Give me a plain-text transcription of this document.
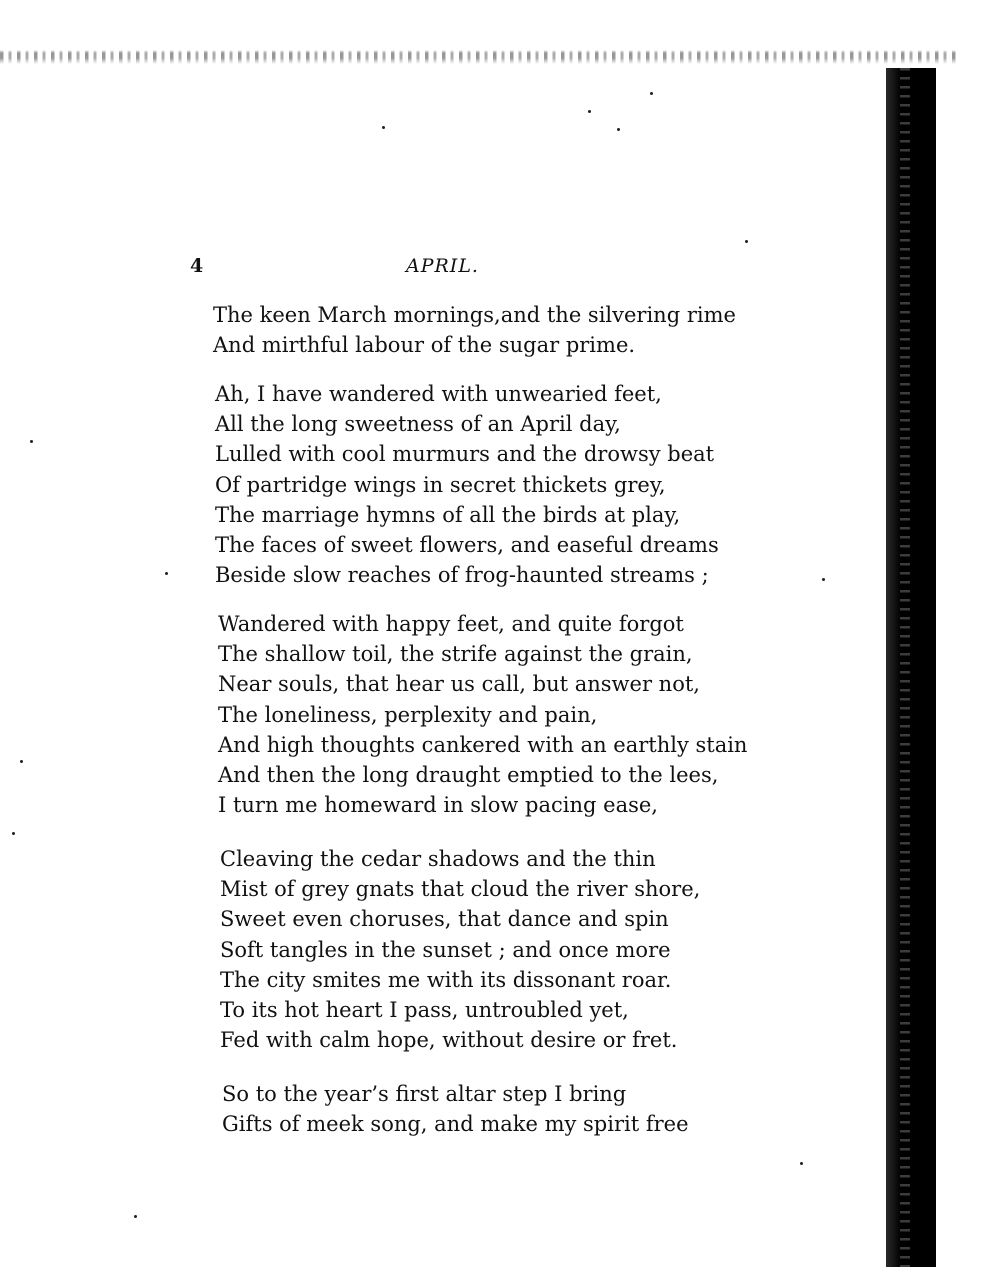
4	APRIL.
The keen March mornings,and the silvering rime
And mirthful labour of the sugar prime.
Ah, I have wandered with unwearied feet,
All the long sweetness of an April day,
Lulled with cool murmurs and the drowsy beat
Of partridge wings in secret thickets grey,
The marriage hymns of all the birds at play,
The faces of sweet flowers, and easeful dreams
Beside slow reaches of frog-haunted streams ;
Wandered with happy feet, and quite forgot
The shallow toil, the strife against the grain,
Near souls, that hear us call, but answer not,
The loneliness, perplexity and pain,
And high thoughts cankered with an earthly stain
And then the long draught emptied to the lees,
I turn me homeward in slow pacing ease,
Cleaving the cedar shadows and the thin
Mist of grey gnats that cloud the river shore,
Sweet even choruses, that dance and spin
Soft tangles in the sunset ; and once more
The city smites me with its dissonant roar.
To its hot heart I pass, untroubled yet,
Fed with calm hope, without desire or fret.
So to the year’s first altar step I bring
Gifts of meek song, and make my spirit free
